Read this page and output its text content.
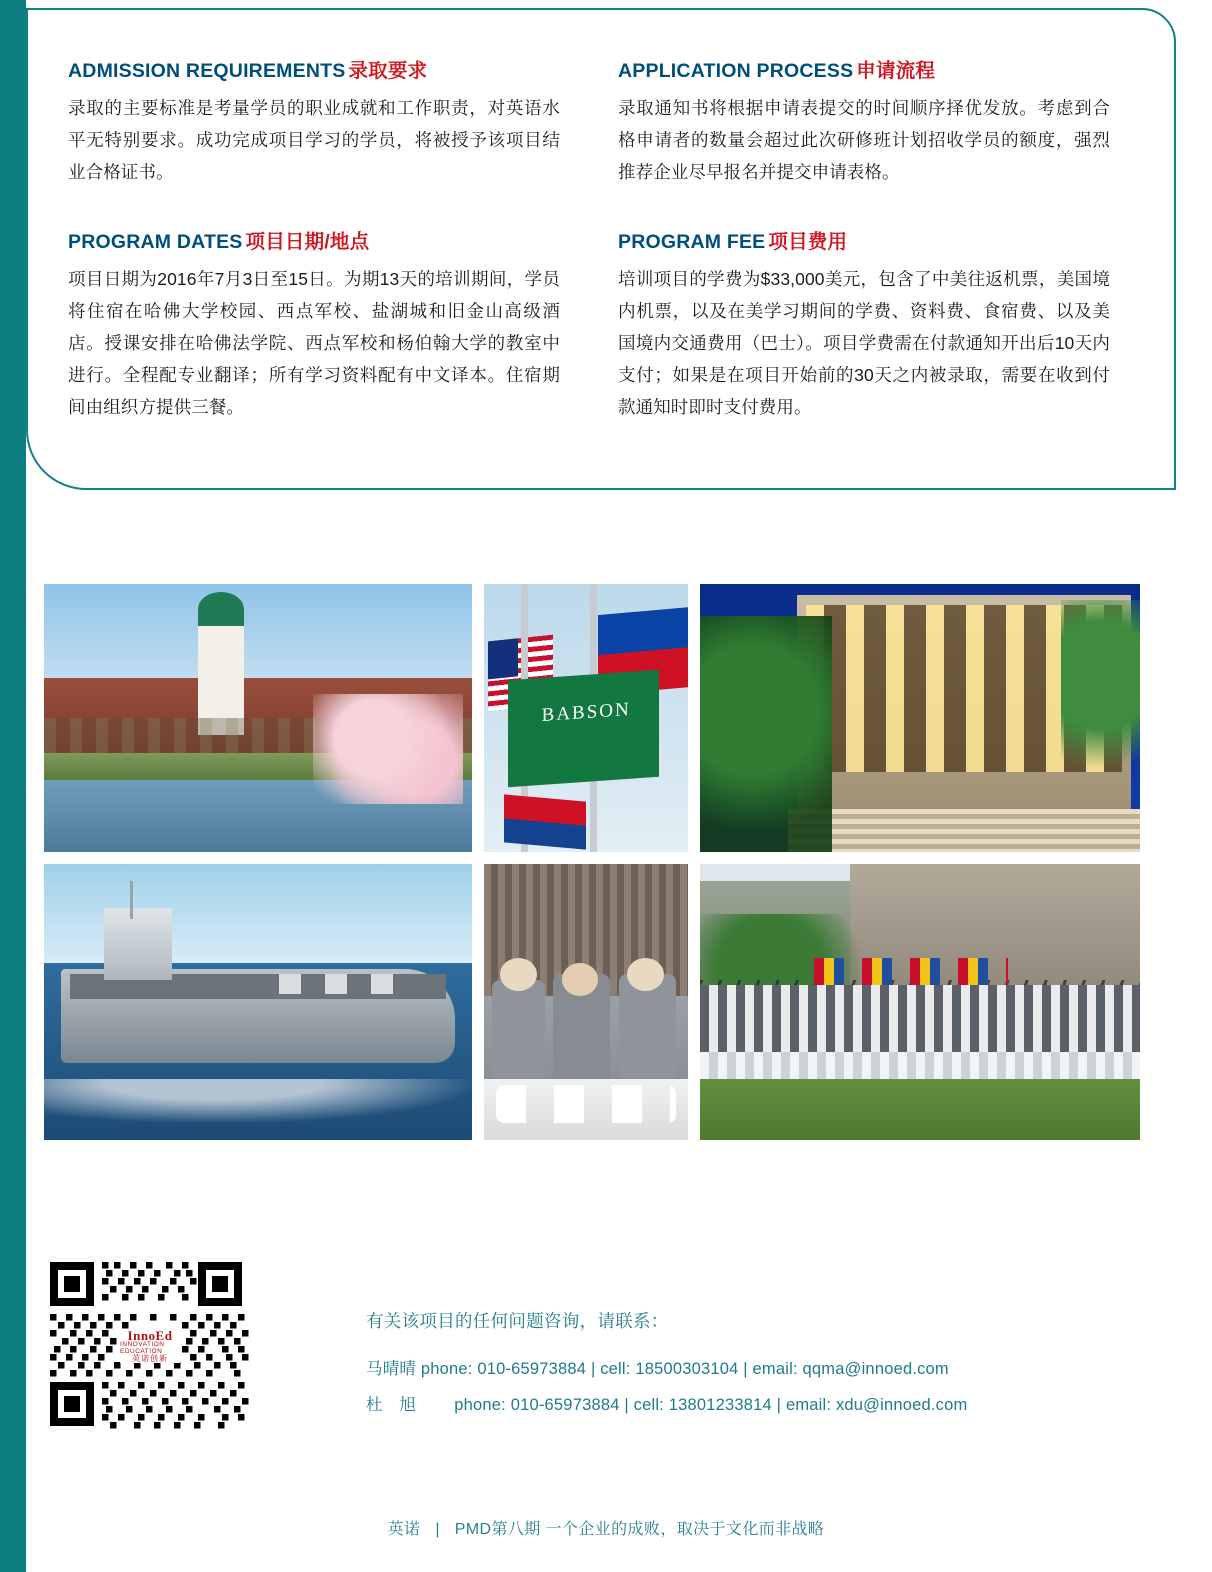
ADMISSION REQUIREMENTS 录取要求

录取的主要标准是考量学员的职业成就和工作职责，对英语水平无特别要求。成功完成项目学习的学员，将被授予该项目结业合格证书。

PROGRAM DATES 项目日期/地点

项目日期为2016年7月3日至15日。为期13天的培训期间，学员将住宿在哈佛大学校园、西点军校、盐湖城和旧金山高级酒店。授课安排在哈佛法学院、西点军校和杨伯翰大学的教室中进行。全程配专业翻译；所有学习资料配有中文译本。住宿期间由组织方提供三餐。

APPLICATION PROCESS 申请流程

录取通知书将根据申请表提交的时间顺序择优发放。考虑到合格申请者的数量会超过此次研修班计划招收学员的额度，强烈推荐企业尽早报名并提交申请表格。

PROGRAM FEE 项目费用

培训项目的学费为$33,000美元，包含了中美往返机票，美国境内机票，以及在美学习期间的学费、资料费、食宿费、以及美国境内交通费用（巴士）。项目学费需在付款通知开出后10天内支付；如果是在项目开始前的30天之内被录取，需要在收到付款通知时即时支付费用。

BABSON
InnoEd
INNOVATION EDUCATION
英诺创新

有关该项目的任何问题咨询，请联系：

马晴晴 phone: 010-65973884 | cell: 18500303104 | email: qqma@innoed.com
杜　旭　　 phone: 010-65973884 | cell: 13801233814 | email: xdu@innoed.com
英诺 | PMD第八期 一个企业的成败，取决于文化而非战略
